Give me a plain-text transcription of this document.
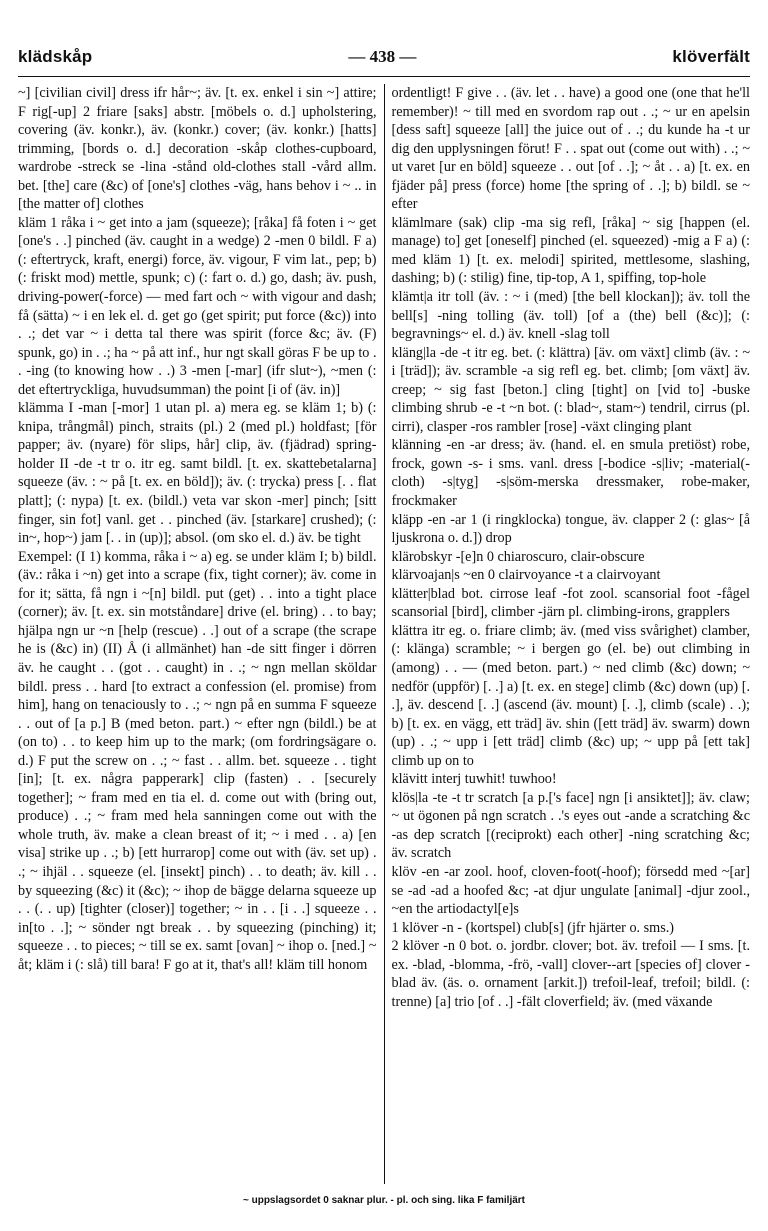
klädskåp	— 438 —	klöverfält

~] [civilian civil] dress ifr hår~; äv. [t. ex. enkel i sin ~] attire; F rig[-up] 2 friare [saks] abstr. [möbels o. d.] upholstering, covering (äv. konkr.), äv. (konkr.) cover; (äv. konkr.) [hatts] trimming, [bords o. d.] decoration -skåp clothes-cupboard, wardrobe -streck se -lina -stånd old-clothes stall -vård allm. bet. [the] care (&c) of [one's] clothes -väg, hans behov i ~ .. in [the matter of] clothes

kläm 1 råka i ~ get into a jam (squeeze); [råka] få foten i ~ get [one's . .] pinched (äv. caught in a wedge) 2 -men 0 bildl. F a) (: eftertryck, kraft, energi) force, äv. vigour, F vim lat., pep; b) (: friskt mod) mettle, spunk; c) (: fart o. d.) go, dash; äv. push, driving-power(-force) — med fart och ~ with vigour and dash; få (sätta) ~ i en lek el. d. get go (get spirit; put force (&c)) into . .; det var ~ i detta tal there was spirit (force &c; äv. (F) spunk, go) in . .; ha ~ på att inf., hur ngt skall göras F be up to . . -ing (to knowing how . .) 3 -men [-mar] (ifr slut~), ~men (: det eftertryckliga, huvudsumman) the point [i of (äv. in)]

klämma I -man [-mor] 1 utan pl. a) mera eg. se kläm 1; b) (: knipa, trångmål) pinch, straits (pl.) 2 (med pl.) holdfast; [för papper; äv. (nyare) för slips, hår] clip, äv. (fjädrad) spring-holder II -de -t tr o. itr eg. samt bildl. [t. ex. skattebetalarna] squeeze (äv. : ~ på [t. ex. en böld]); äv. (: trycka) press [. . flat platt]; (: nypa) [t. ex. (bildl.) veta var skon -mer] pinch; [sitt finger, sin fot] vanl. get . . pinched (äv. [starkare] crushed); (: in~, hop~) jam [. . in (up)]; absol. (om sko el. d.) äv. be tight

Exempel: (I 1) komma, råka i ~ a) eg. se under kläm I; b) bildl. (äv.: råka i ~n) get into a scrape (fix, tight corner); äv. come in for it; sätta, få ngn i ~[n] bildl. put (get) . . into a tight place (corner); äv. [t. ex. sin motståndare] drive (el. bring) . . to bay; hjälpa ngn ur ~n [help (rescue) . .] out of a scrape (the scrape he is (&c) in) (II) Å (i allmänhet) han -de sitt finger i dörren äv. he caught . . (got . . caught) in . .; ~ ngn mellan sköldar bildl. press . . hard [to extract a confession (el. promise) from him], hang on tenaciously to . .; ~ ngn på en summa F squeeze . . out of [a p.] B (med beton. part.) ~ efter ngn (bildl.) be at (on to) . . to keep him up to the mark; (om fordringsägare o. d.) F put the screw on . .; ~ fast . . allm. bet. squeeze . . tight [in]; [t. ex. några papperark] clip (fasten) . . [securely together]; ~ fram med en tia el. d. come out with (bring out, produce) . .; ~ fram med hela sanningen come out with the whole truth, äv. make a clean breast of it; ~ i med . . a) [en visa] strike up . .; b) [ett hurrarop] come out with (äv. set up) . .; ~ ihjäl . . squeeze (el. [insekt] pinch) . . to death; äv. kill . . by squeezing (&c) it (&c); ~ ihop de bägge delarna squeeze up . . (. . up) [tighter (closer)] together; ~ in . . [i . .] squeeze . . in[to . .]; ~ sönder ngt break . . by squeezing (pinching) it; squeeze . . to pieces; ~ till se ex. samt [ovan] ~ ihop o. [ned.] ~ åt; kläm i (: slå) till bara! F go at it, that's all! kläm till honom

ordentligt! F give . . (äv. let . . have) a good one (one that he'll remember)! ~ till med en svordom rap out . .; ~ ur en apelsin [dess saft] squeeze [all] the juice out of . .; du kunde ha -t ur dig den upplysningen förut! F . . spat out (come out with) . .; ~ ut varet [ur en böld] squeeze . . out [of . .]; ~ åt . . a) [t. ex. en fjäder på] press (force) home [the spring of . .]; b) bildl. se ~ efter

klämlmare (sak) clip -ma sig refl, [råka] ~ sig [happen (el. manage) to] get [oneself] pinched (el. squeezed) -mig a F a) (: med kläm 1) [t. ex. melodi] spirited, mettlesome, slashing, dashing; b) (: stilig) fine, tip-top, A 1, spiffing, top-hole

klämt|a itr toll (äv. : ~ i (med) [the bell klockan]); äv. toll the bell[s] -ning tolling (äv. toll) [of a (the) bell (&c)]; (: begravnings~ el. d.) äv. knell -slag toll

kläng|la -de -t itr eg. bet. (: klättra) [äv. om växt] climb (äv. : ~ i [träd]); äv. scramble -a sig refl eg. bet. climb; [om växt] äv. creep; ~ sig fast [beton.] cling [tight] on [vid to] -buske climbing shrub -e -t ~n bot. (: blad~, stam~) tendril, cirrus (pl. cirri), clasper -ros rambler [rose] -växt clinging plant

klänning -en -ar dress; äv. (hand. el. en smula pretiöst) robe, frock, gown -s- i sms. vanl. dress [-bodice -s|liv; -material(-cloth) -s|tyg] -s|söm-merska dressmaker, robe-maker, frockmaker

kläpp -en -ar 1 (i ringklocka) tongue, äv. clapper 2 (: glas~ [å ljuskrona o. d.]) drop

klärobskyr -[e]n 0 chiaroscuro, clair-obscure

klärvoajan|s ~en 0 clairvoyance -t a clairvoyant

klätter|blad bot. cirrose leaf -fot zool. scansorial foot -fågel scansorial [bird], climber -järn pl. climbing-irons, grapplers

klättra itr eg. o. friare climb; äv. (med viss svårighet) clamber, (: klänga) scramble; ~ i bergen go (el. be) out climbing in (among) . . — (med beton. part.) ~ ned climb (&c) down; ~ nedför (uppför) [. .] a) [t. ex. en stege] climb (&c) down (up) [. .], äv. descend [. .] (ascend (äv. mount) [. .], climb (scale) . .); b) [t. ex. en vägg, ett träd] äv. shin ([ett träd] äv. swarm) down (up) . .; ~ upp i [ett träd] climb (&c) up; ~ upp på [ett tak] climb up on to

klävitt interj tuwhit! tuwhoo!

klös|la -te -t tr scratch [a p.['s face] ngn [i ansiktet]]; äv. claw; ~ ut ögonen på ngn scratch . .'s eyes out -ande a scratching &c -as dep scratch [(reciprokt) each other] -ning scratching &c; äv. scratch

klöv -en -ar zool. hoof, cloven-foot(-hoof); försedd med ~[ar] se -ad -ad a hoofed &c; -at djur ungulate [animal] -djur zool., ~en the artiodactyl[e]s

1 klöver -n - (kortspel) club[s] (jfr hjärter o. sms.)

2 klöver -n 0 bot. o. jordbr. clover; bot. äv. trefoil — I sms. [t. ex. -blad, -blomma, -frö, -vall] clover--art [species of] clover -blad äv. (äs. o. ornament [arkit.]) trefoil-leaf, trefoil; bildl. (: trenne) [a] trio [of . .] -fält cloverfield; äv. (med växande

~ uppslagsordet 0 saknar plur. - pl. och sing. lika F familjärt
